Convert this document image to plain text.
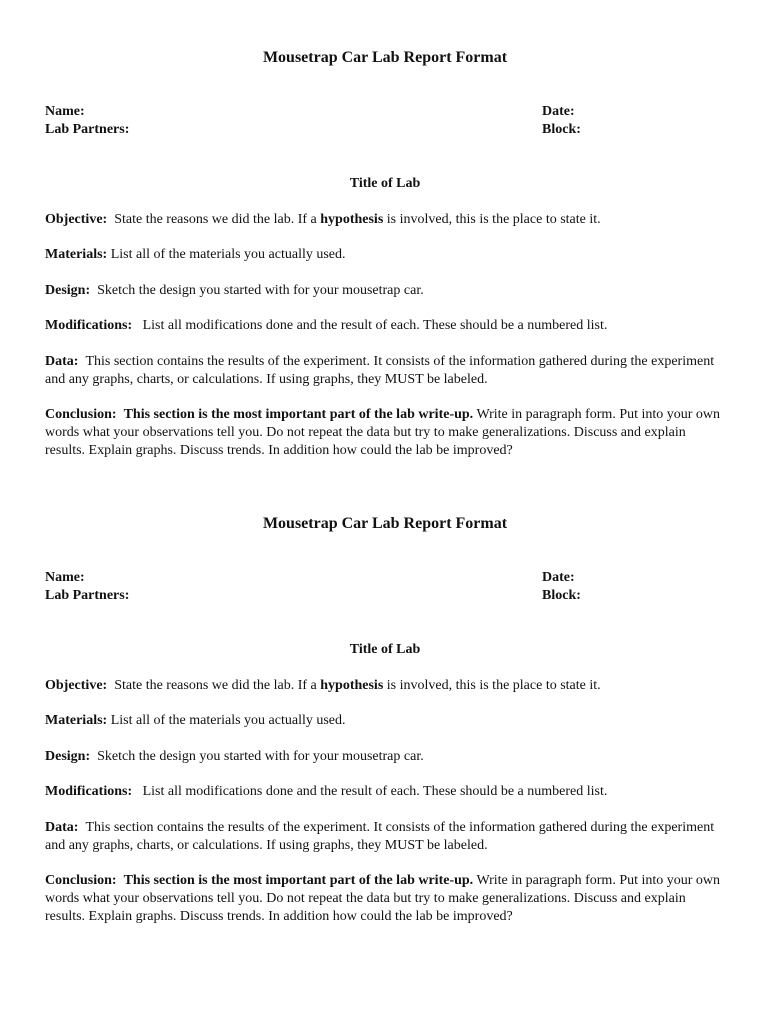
Mousetrap Car Lab Report Format
Name:	Date:
Lab Partners:	Block:
Title of Lab

Objective: State the reasons we did the lab. If a hypothesis is involved, this is the place to state it.

Materials: List all of the materials you actually used.

Design: Sketch the design you started with for your mousetrap car.

Modifications: List all modifications done and the result of each. These should be a numbered list.

Data: This section contains the results of the experiment. It consists of the information gathered during the experiment and any graphs, charts, or calculations. If using graphs, they MUST be labeled.

Conclusion: This section is the most important part of the lab write-up. Write in paragraph form. Put into your own words what your observations tell you. Do not repeat the data but try to make generalizations. Discuss and explain results. Explain graphs. Discuss trends. In addition how could the lab be improved?

Mousetrap Car Lab Report Format
Name:	Date:
Lab Partners:	Block:
Title of Lab

Objective: State the reasons we did the lab. If a hypothesis is involved, this is the place to state it.

Materials: List all of the materials you actually used.

Design: Sketch the design you started with for your mousetrap car.

Modifications: List all modifications done and the result of each. These should be a numbered list.

Data: This section contains the results of the experiment. It consists of the information gathered during the experiment and any graphs, charts, or calculations. If using graphs, they MUST be labeled.

Conclusion: This section is the most important part of the lab write-up. Write in paragraph form. Put into your own words what your observations tell you. Do not repeat the data but try to make generalizations. Discuss and explain results. Explain graphs. Discuss trends. In addition how could the lab be improved?
